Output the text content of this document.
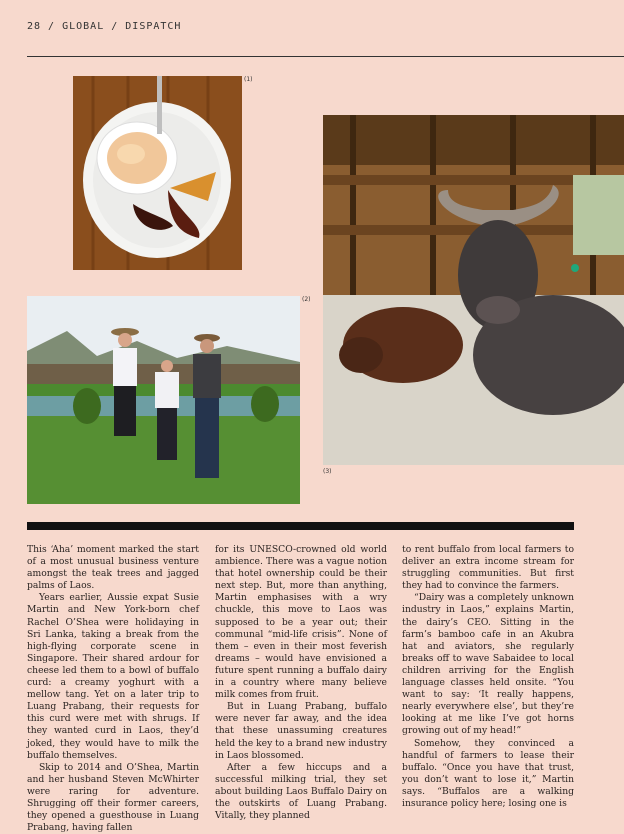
28 / GLOBAL / DISPATCH
(1)
(2)
(3)

This ‘Aha’ moment marked the start of a most unusual business venture amongst the teak trees and jagged palms of Laos.

Years earlier, Aussie expat Susie Martin and New York-born chef Rachel O’Shea were holidaying in Sri Lanka, taking a break from the high-flying corporate scene in Singapore. Their shared ardour for cheese led them to a bowl of buffalo curd: a creamy yoghurt with a mellow tang. Yet on a later trip to Luang Prabang, their requests for this curd were met with shrugs. If they wanted curd in Laos, they’d joked, they would have to milk the buffalo themselves.

Skip to 2014 and O’Shea, Martin and her husband Steven McWhirter were raring for adventure. Shrugging off their former careers, they opened a guesthouse in Luang Prabang, having fallen

for its UNESCO-crowned old world ambience. There was a vague notion that hotel ownership could be their next step. But, more than anything, Martin emphasises with a wry chuckle, this move to Laos was supposed to be a year out; their communal “mid-life crisis”. None of them – even in their most feverish dreams – would have envisioned a future spent running a buffalo dairy in a country where many believe milk comes from fruit.

But in Luang Prabang, buffalo were never far away, and the idea that these unassuming creatures held the key to a brand new industry in Laos blossomed.

After a few hiccups and a successful milking trial, they set about building Laos Buffalo Dairy on the outskirts of Luang Prabang. Vitally, they planned

to rent buffalo from local farmers to deliver an extra income stream for struggling communities. But first they had to convince the farmers.

“Dairy was a completely unknown industry in Laos,” explains Martin, the dairy’s CEO. Sitting in the farm’s bamboo cafe in an Akubra hat and aviators, she regularly breaks off to wave Sabaidee to local children arriving for the English language classes held onsite. “You want to say: ‘It really happens, nearly everywhere else’, but they’re looking at me like I’ve got horns growing out of my head!”

Somehow, they convinced a handful of farmers to lease their buffalo. “Once you have that trust, you don’t want to lose it,” Martin says. “Buffalos are a walking insurance policy here; losing one is
